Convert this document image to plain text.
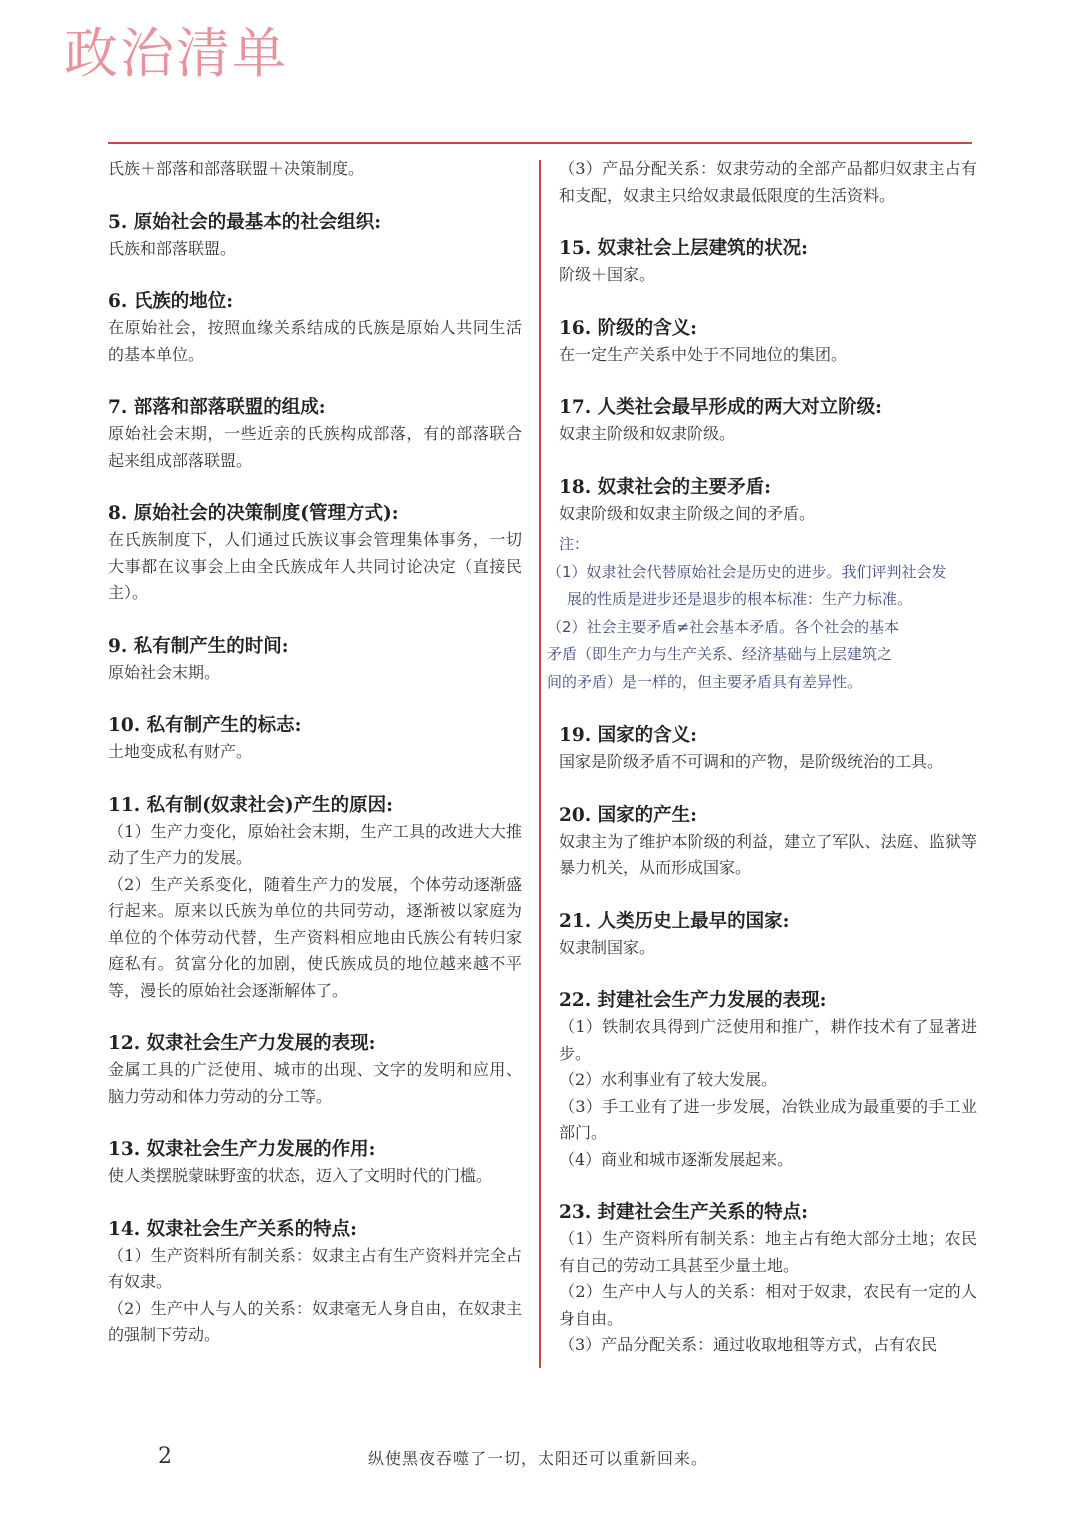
政治清单
氏族＋部落和部落联盟＋决策制度。
5. 原始社会的最基本的社会组织:
氏族和部落联盟。
6. 氏族的地位:
在原始社会，按照血缘关系结成的氏族是原始人共同生活的基本单位。
7. 部落和部落联盟的组成:
原始社会末期，一些近亲的氏族构成部落，有的部落联合起来组成部落联盟。
8. 原始社会的决策制度(管理方式):
在氏族制度下，人们通过氏族议事会管理集体事务，一切大事都在议事会上由全氏族成年人共同讨论决定（直接民主）。
9. 私有制产生的时间:
原始社会末期。
10. 私有制产生的标志:
土地变成私有财产。
11. 私有制(奴隶社会)产生的原因:
（1）生产力变化，原始社会末期，生产工具的改进大大推动了生产力的发展。
（2）生产关系变化，随着生产力的发展，个体劳动逐渐盛行起来。原来以氏族为单位的共同劳动，逐渐被以家庭为单位的个体劳动代替，生产资料相应地由氏族公有转归家庭私有。贫富分化的加剧，使氏族成员的地位越来越不平等，漫长的原始社会逐渐解体了。
12. 奴隶社会生产力发展的表现:
金属工具的广泛使用、城市的出现、文字的发明和应用、脑力劳动和体力劳动的分工等。
13. 奴隶社会生产力发展的作用:
使人类摆脱蒙昧野蛮的状态，迈入了文明时代的门槛。
14. 奴隶社会生产关系的特点:
（1）生产资料所有制关系：奴隶主占有生产资料并完全占有奴隶。
（2）生产中人与人的关系：奴隶毫无人身自由，在奴隶主的强制下劳动。
（3）产品分配关系：奴隶劳动的全部产品都归奴隶主占有和支配，奴隶主只给奴隶最低限度的生活资料。
15. 奴隶社会上层建筑的状况:
阶级＋国家。
16. 阶级的含义:
在一定生产关系中处于不同地位的集团。
17. 人类社会最早形成的两大对立阶级:
奴隶主阶级和奴隶阶级。
18. 奴隶社会的主要矛盾:
奴隶阶级和奴隶主阶级之间的矛盾。
注：
（1）奴隶社会代替原始社会是历史的进步。我们评判社会发
展的性质是进步还是退步的根本标准：生产力标准。
（2）社会主要矛盾≠社会基本矛盾。各个社会的基本
矛盾（即生产力与生产关系、经济基础与上层建筑之
间的矛盾）是一样的，但主要矛盾具有差异性。
19. 国家的含义:
国家是阶级矛盾不可调和的产物，是阶级统治的工具。
20. 国家的产生:
奴隶主为了维护本阶级的利益，建立了军队、法庭、监狱等暴力机关，从而形成国家。
21. 人类历史上最早的国家:
奴隶制国家。
22. 封建社会生产力发展的表现:
（1）铁制农具得到广泛使用和推广，耕作技术有了显著进步。
（2）水利事业有了较大发展。
（3）手工业有了进一步发展，冶铁业成为最重要的手工业部门。
（4）商业和城市逐渐发展起来。
23. 封建社会生产关系的特点:
（1）生产资料所有制关系：地主占有绝大部分土地；农民有自己的劳动工具甚至少量土地。
（2）生产中人与人的关系：相对于奴隶，农民有一定的人身自由。
（3）产品分配关系：通过收取地租等方式，占有农民
2	纵使黑夜吞噬了一切，太阳还可以重新回来。
